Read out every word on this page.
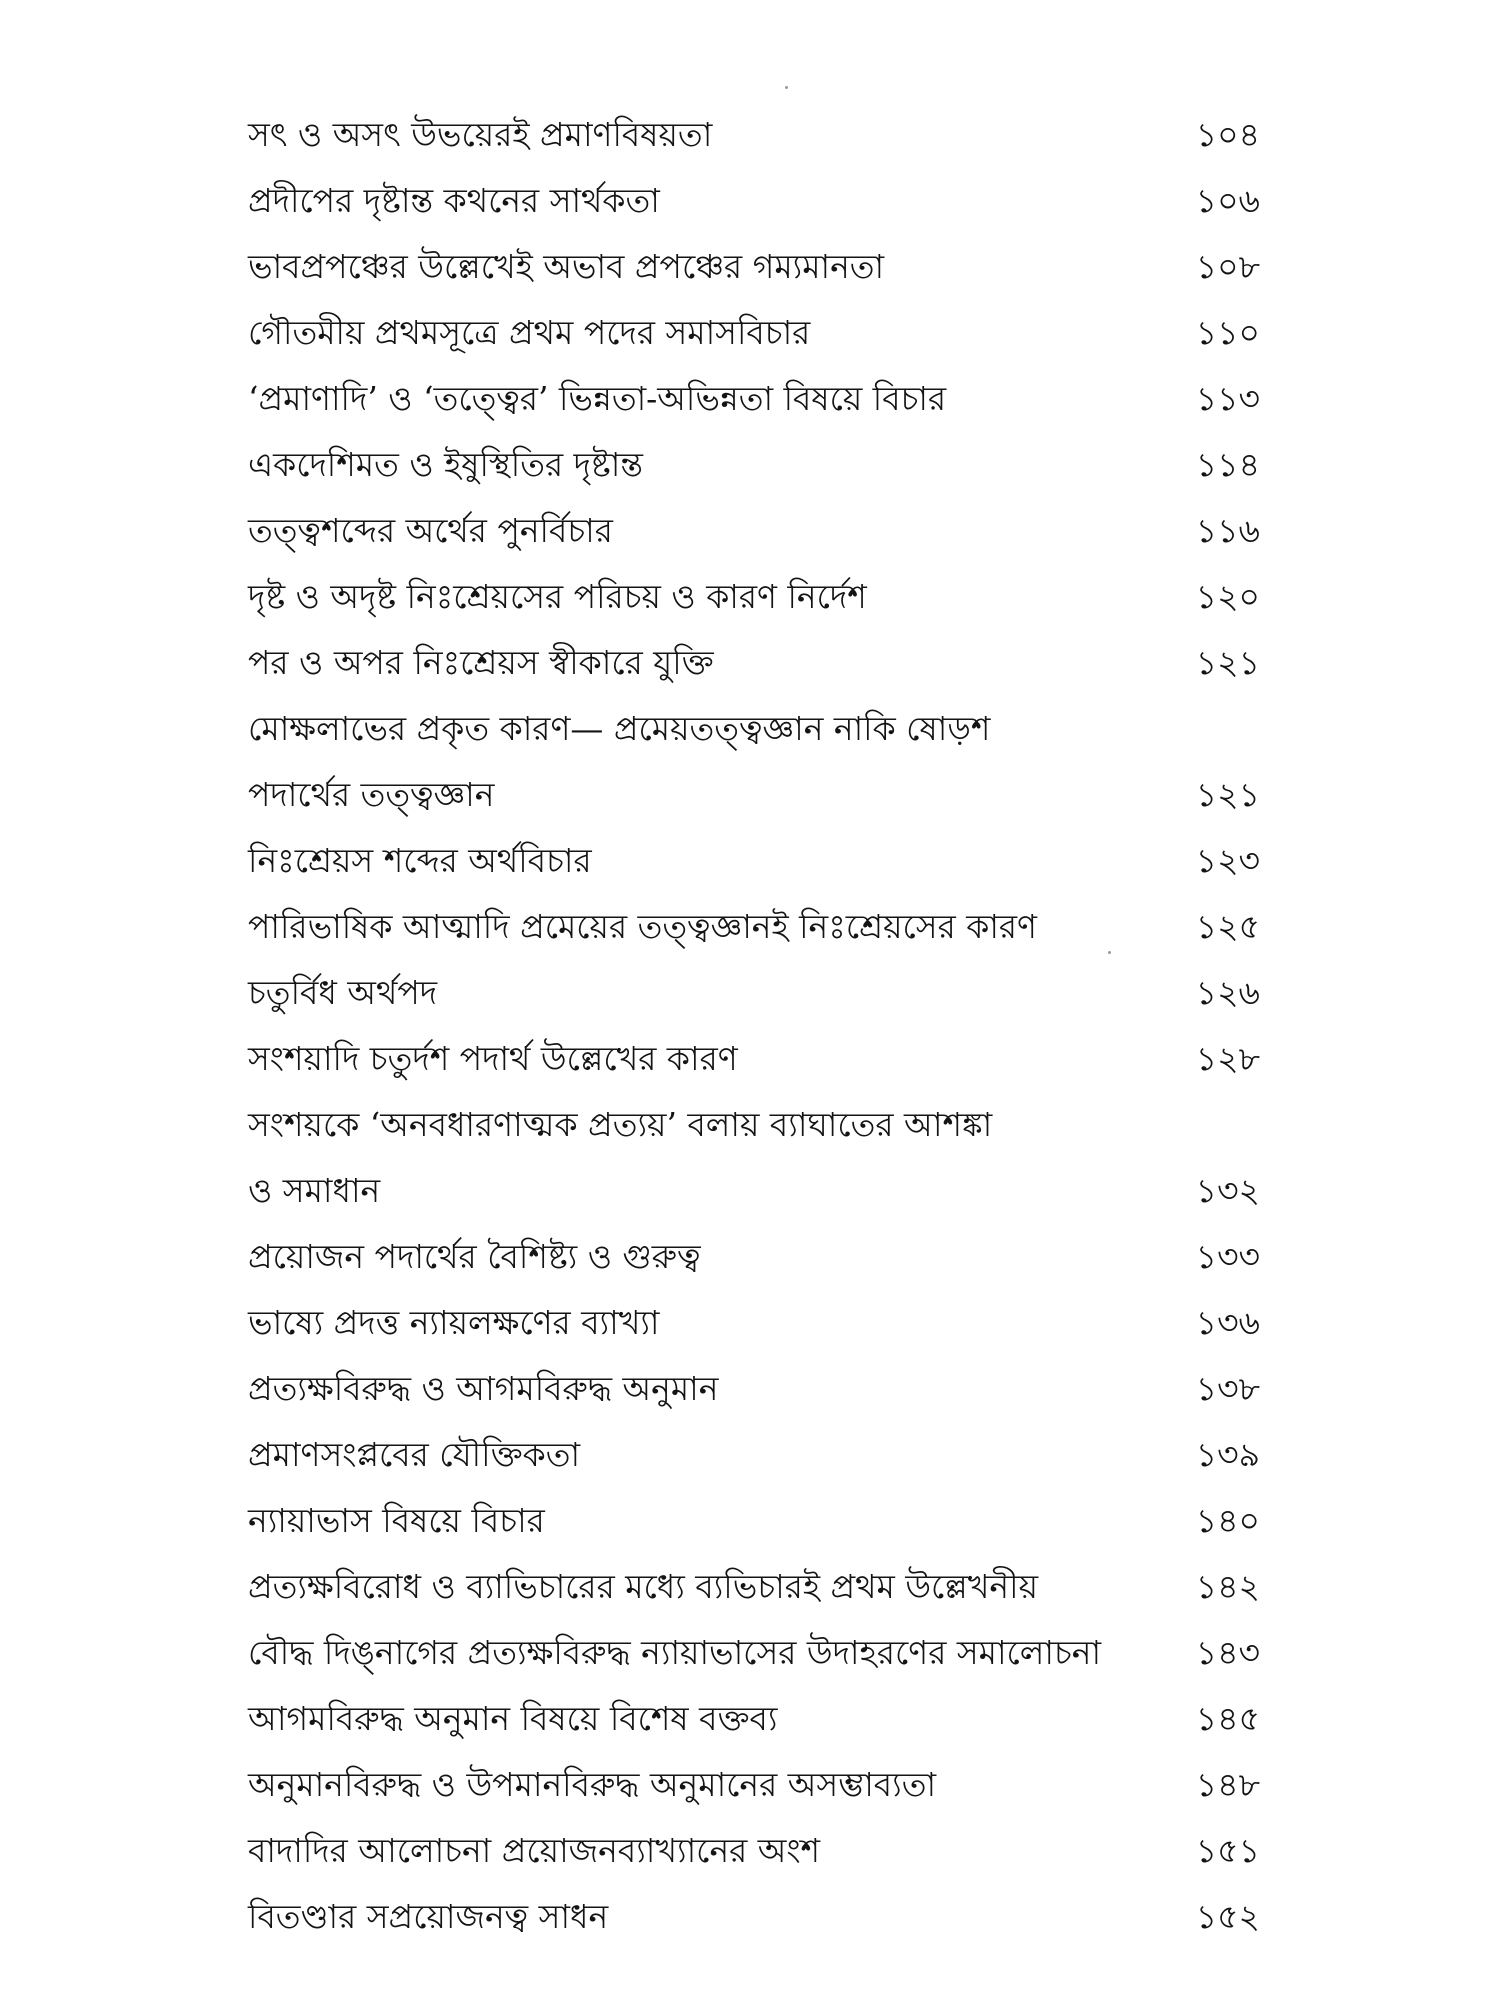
সৎ ও অসৎ উভয়েরই প্রমাণবিষয়তা	১০৪
প্রদীপের দৃষ্টান্ত কথনের সার্থকতা	১০৬
ভাবপ্রপঞ্চের উল্লেখেই অভাব প্রপঞ্চের গম্যমানতা	১০৮
গৌতমীয় প্রথমসূত্রে প্রথম পদের সমাসবিচার	১১০
‘প্রমাণাদি’ ও ‘তত্ত্বের’ ভিন্নতা-অভিন্নতা বিষয়ে বিচার	১১৩
একদেশিমত ও ইষুস্থিতির দৃষ্টান্ত	১১৪
তত্ত্বশব্দের অর্থের পুনর্বিচার	১১৬
দৃষ্ট ও অদৃষ্ট নিঃশ্রেয়সের পরিচয় ও কারণ নির্দেশ	১২০
পর ও অপর নিঃশ্রেয়স স্বীকারে যুক্তি	১২১
মোক্ষলাভের প্রকৃত কারণ— প্রমেয়তত্ত্বজ্ঞান নাকি ষোড়শ
পদার্থের তত্ত্বজ্ঞান	১২১
নিঃশ্রেয়স শব্দের অর্থবিচার	১২৩
পারিভাষিক আত্মাদি প্রমেয়ের তত্ত্বজ্ঞানই নিঃশ্রেয়সের কারণ	১২৫
চতুর্বিধ অর্থপদ	১২৬
সংশয়াদি চতুর্দশ পদার্থ উল্লেখের কারণ	১২৮
সংশয়কে ‘অনবধারণাত্মক প্রত্যয়’ বলায় ব্যাঘাতের আশঙ্কা
ও সমাধান	১৩২
প্রয়োজন পদার্থের বৈশিষ্ট্য ও গুরুত্ব	১৩৩
ভাষ্যে প্রদত্ত ন্যায়লক্ষণের ব্যাখ্যা	১৩৬
প্রত্যক্ষবিরুদ্ধ ও আগমবিরুদ্ধ অনুমান	১৩৮
প্রমাণসংপ্লবের যৌক্তিকতা	১৩৯
ন্যায়াভাস বিষয়ে বিচার	১৪০
প্রত্যক্ষবিরোধ ও ব্যাভিচারের মধ্যে ব্যভিচারই প্রথম উল্লেখনীয়	১৪২
বৌদ্ধ দিঙ্নাগের প্রত্যক্ষবিরুদ্ধ ন্যায়াভাসের উদাহরণের সমালোচনা	১৪৩
আগমবিরুদ্ধ অনুমান বিষয়ে বিশেষ বক্তব্য	১৪৫
অনুমানবিরুদ্ধ ও উপমানবিরুদ্ধ অনুমানের অসম্ভাব্যতা	১৪৮
বাদাদির আলোচনা প্রয়োজনব্যাখ্যানের অংশ	১৫১
বিতণ্ডার সপ্রয়োজনত্ব সাধন	১৫২
